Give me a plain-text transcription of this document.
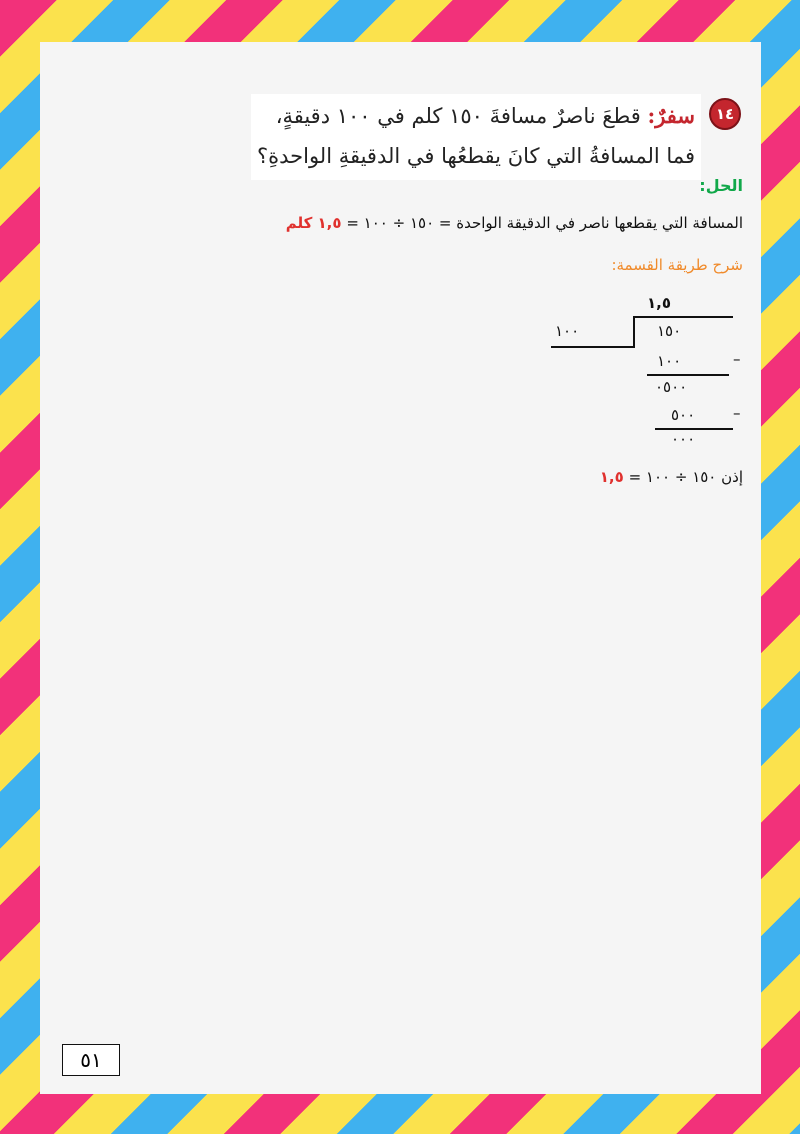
١٤
سفرٌ: قطعَ ناصرٌ مسافةَ ١٥٠ كلم في ١٠٠ دقيقةٍ،
فما المسافةُ التي كانَ يقطعُها في الدقيقةِ الواحدةِ؟
الحل:
المسافة التي يقطعها ناصر في الدقيقة الواحدة = ١٥٠ ÷ ١٠٠ = ١,٥ كلم
شرح طريقة القسمة:
١,٥
١٠٠	١٥٠
١٠٠	–
٠٥٠٠
٥٠٠	–
٠٠٠
إذن ١٥٠ ÷ ١٠٠ = ١,٥
٥١
